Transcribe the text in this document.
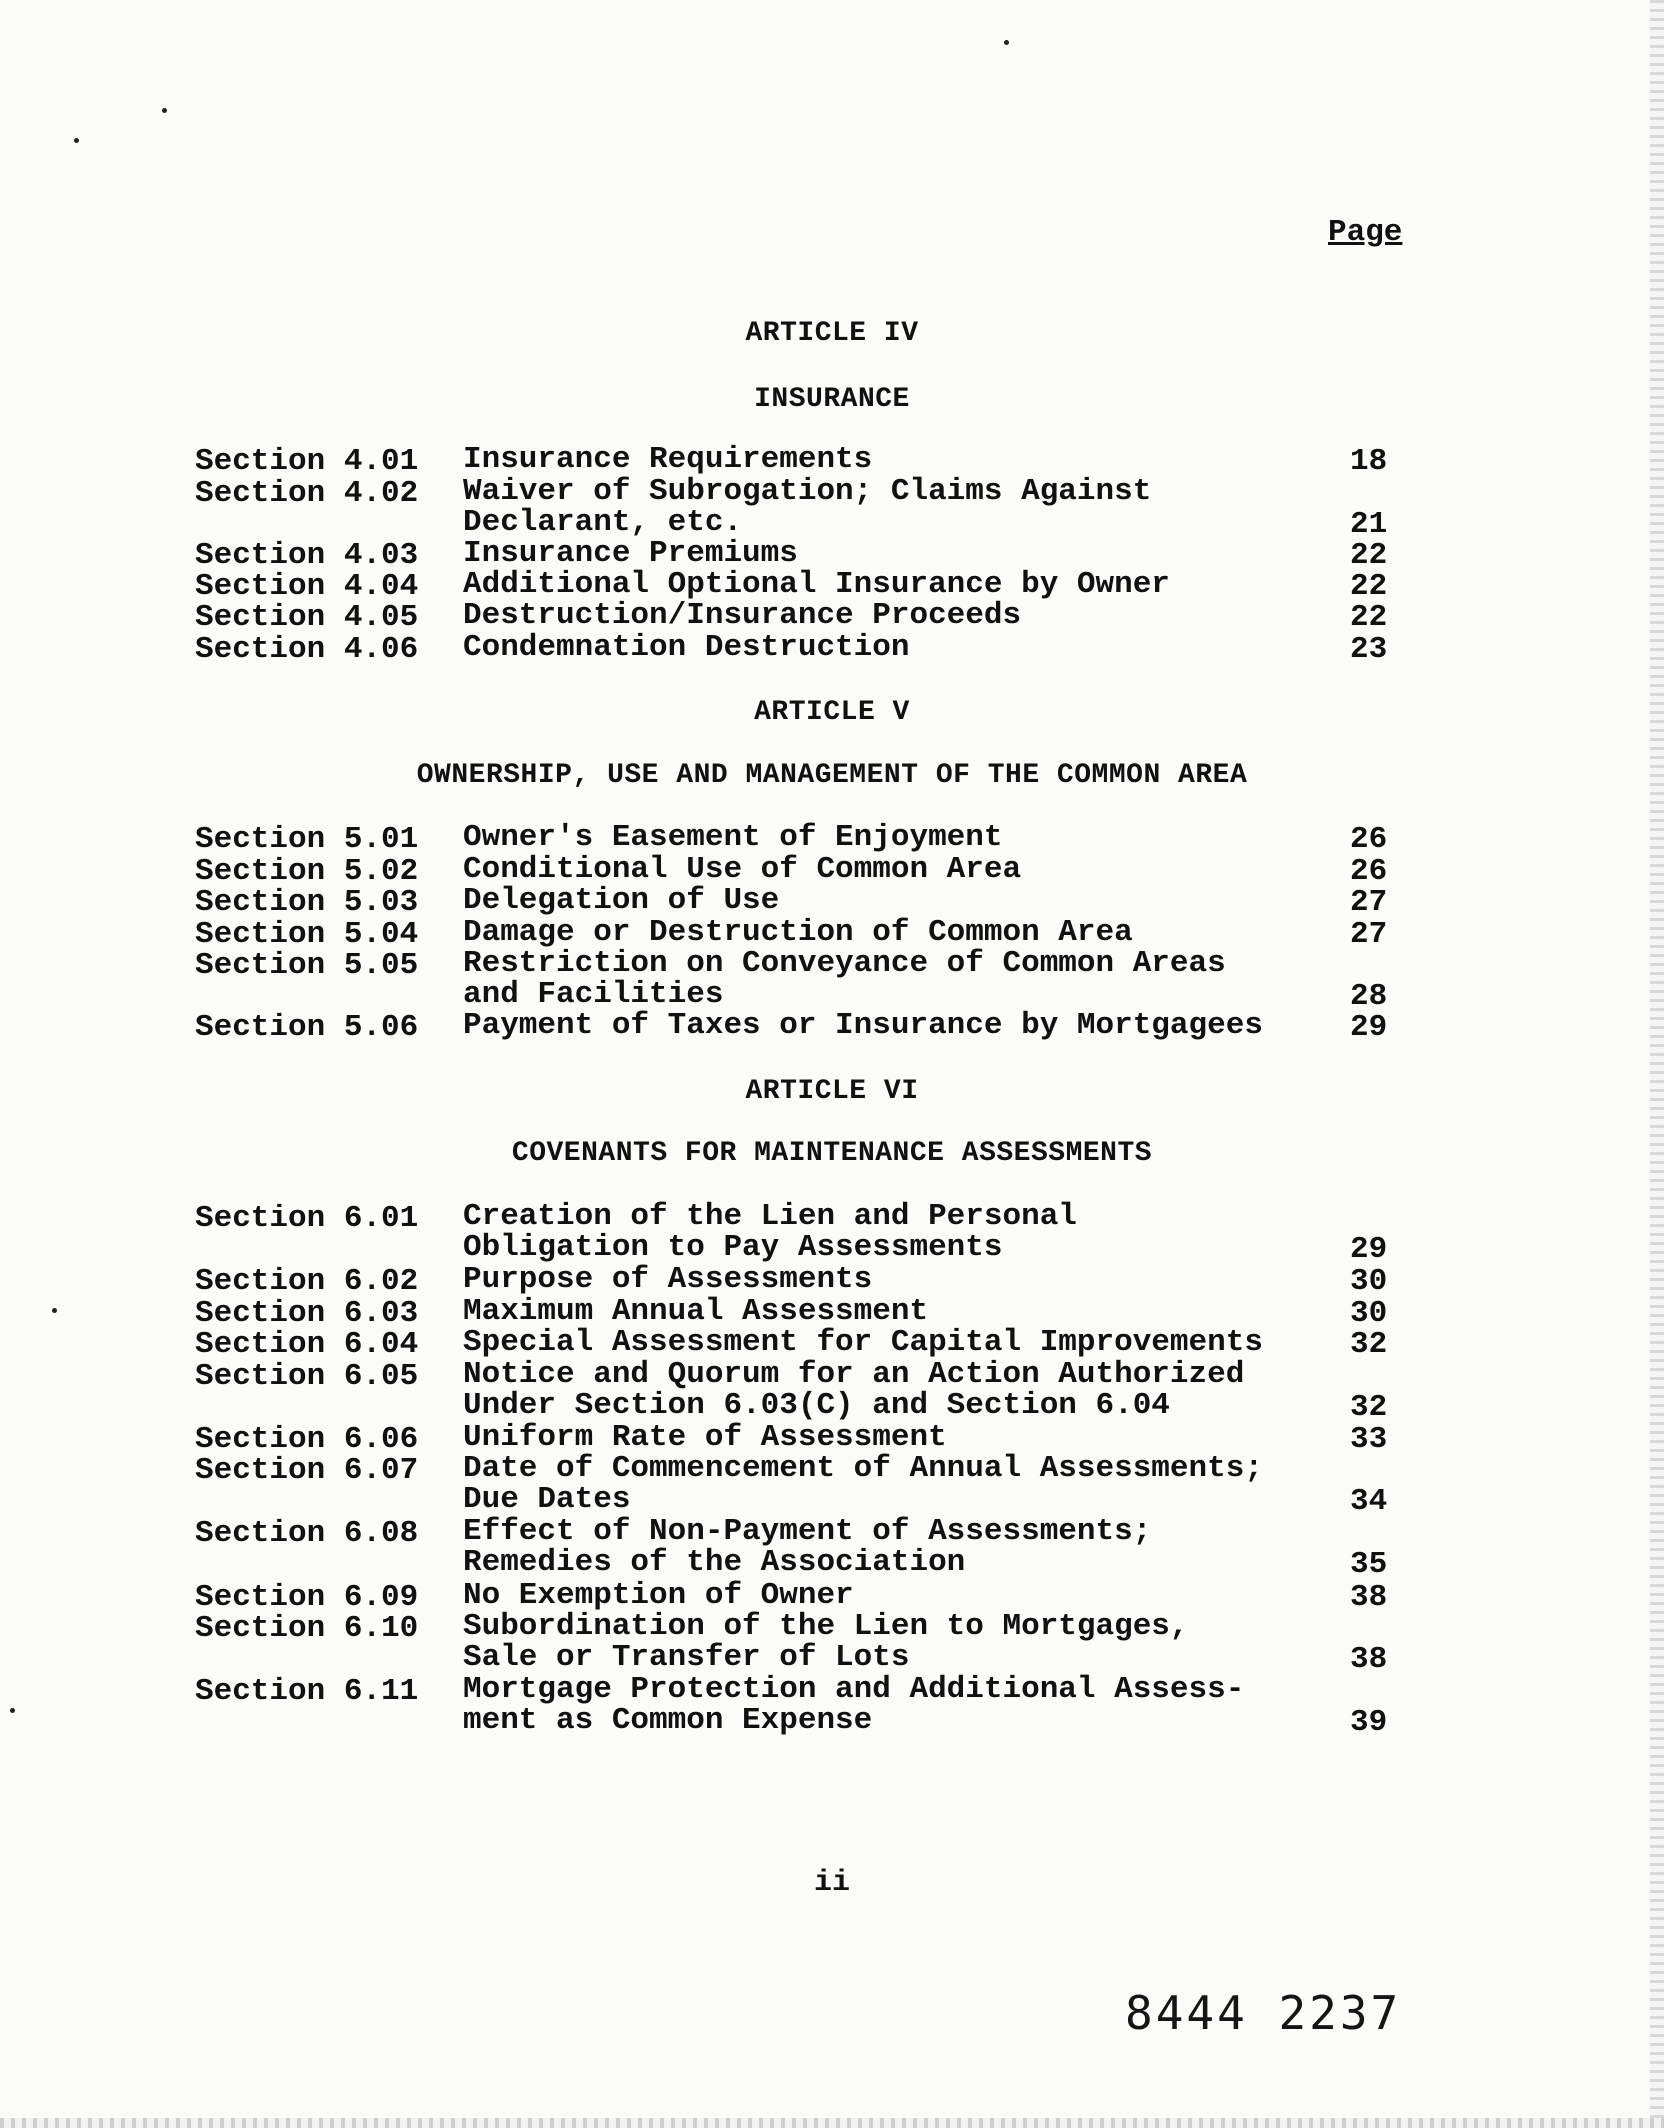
Page
ARTICLE IV
INSURANCE
Section 4.01 Insurance Requirements	18
Section 4.02 Waiver of Subrogation; Claims Against
Declarant, etc.	21
Section 4.03 Insurance Premiums	22
Section 4.04 Additional Optional Insurance by Owner	22
Section 4.05 Destruction/Insurance Proceeds	22
Section 4.06 Condemnation Destruction	23
ARTICLE V
OWNERSHIP, USE AND MANAGEMENT OF THE COMMON AREA
Section 5.01 Owner's Easement of Enjoyment	26
Section 5.02 Conditional Use of Common Area	26
Section 5.03 Delegation of Use	27
Section 5.04 Damage or Destruction of Common Area	27
Section 5.05 Restriction on Conveyance of Common Areas
and Facilities	28
Section 5.06 Payment of Taxes or Insurance by Mortgagees	29
ARTICLE VI
COVENANTS FOR MAINTENANCE ASSESSMENTS
Section 6.01 Creation of the Lien and Personal
Obligation to Pay Assessments	29
Section 6.02 Purpose of Assessments	30
Section 6.03 Maximum Annual Assessment	30
Section 6.04 Special Assessment for Capital Improvements	32
Section 6.05 Notice and Quorum for an Action Authorized
Under Section 6.03(C) and Section 6.04	32
Section 6.06 Uniform Rate of Assessment	33
Section 6.07 Date of Commencement of Annual Assessments;
Due Dates	34
Section 6.08 Effect of Non-Payment of Assessments;
Remedies of the Association	35
Section 6.09 No Exemption of Owner	38
Section 6.10 Subordination of the Lien to Mortgages,
Sale or Transfer of Lots	38
Section 6.11 Mortgage Protection and Additional Assess-
ment as Common Expense	39
ii
8444 2237
